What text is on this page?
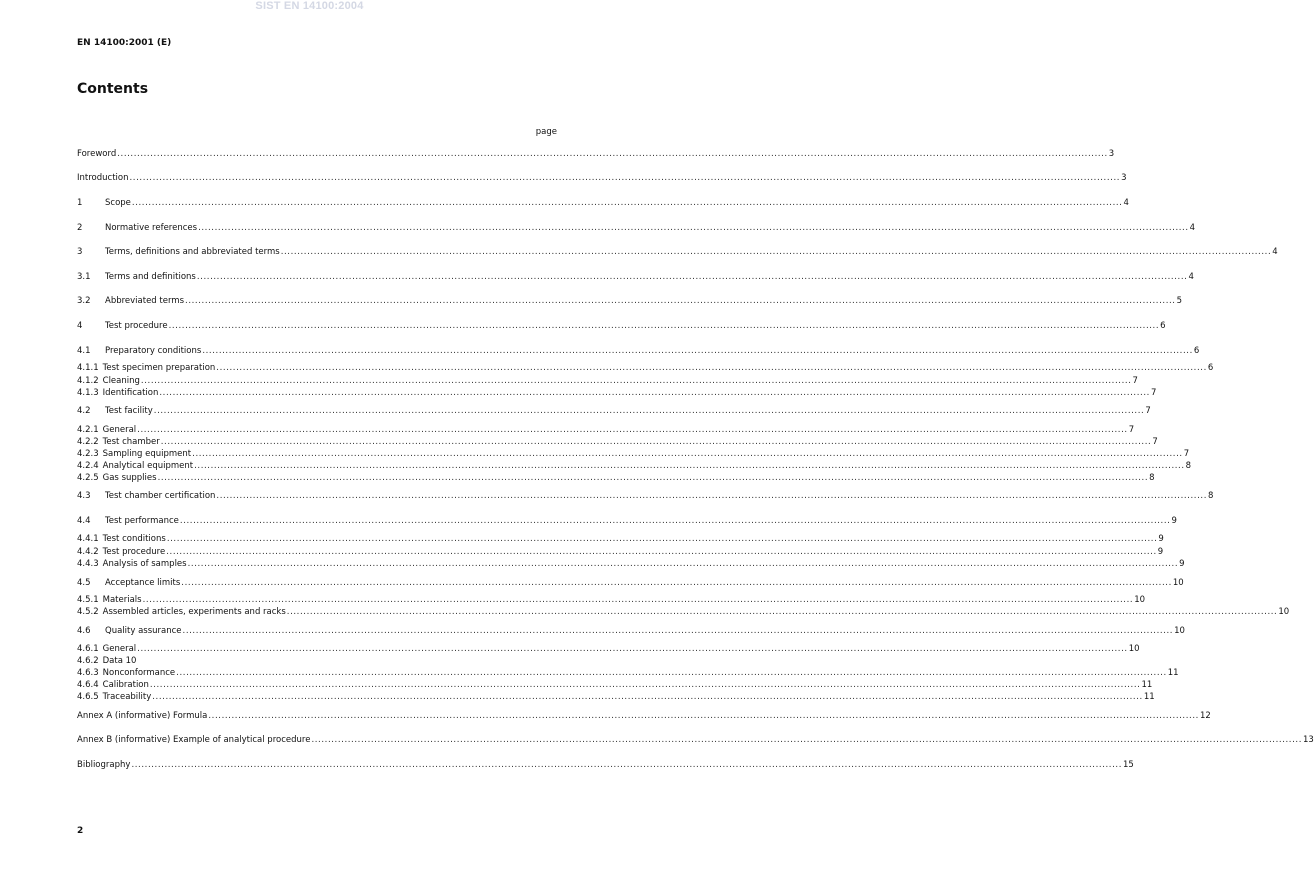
SIST EN 14100:2004
EN 14100:2001 (E)
Contents
page
Foreword ............................................................................................................................................................................................................................................................................................................ 3
Introduction ............................................................................................................................................................................................................................................................................................................ 3
1	Scope ............................................................................................................................................................................................................................................................................................................ 4
2	Normative references ............................................................................................................................................................................................................................................................................................................ 4
3	Terms, definitions and abbreviated terms ............................................................................................................................................................................................................................................................................................................ 4
3.1	Terms and definitions ............................................................................................................................................................................................................................................................................................................ 4
3.2	Abbreviated terms ............................................................................................................................................................................................................................................................................................................ 5
4	Test procedure ............................................................................................................................................................................................................................................................................................................ 6
4.1	Preparatory conditions ............................................................................................................................................................................................................................................................................................................ 6
4.1.1 Test specimen preparation ............................................................................................................................................................................................................................................................................................................ 6
4.1.2 Cleaning ............................................................................................................................................................................................................................................................................................................ 7
4.1.3 Identification ............................................................................................................................................................................................................................................................................................................ 7
4.2	Test facility ............................................................................................................................................................................................................................................................................................................ 7
4.2.1 General ............................................................................................................................................................................................................................................................................................................ 7
4.2.2 Test chamber ............................................................................................................................................................................................................................................................................................................ 7
4.2.3 Sampling equipment ............................................................................................................................................................................................................................................................................................................ 7
4.2.4 Analytical equipment ............................................................................................................................................................................................................................................................................................................ 8
4.2.5 Gas supplies ............................................................................................................................................................................................................................................................................................................ 8
4.3	Test chamber certification ............................................................................................................................................................................................................................................................................................................ 8
4.4	Test performance ............................................................................................................................................................................................................................................................................................................ 9
4.4.1 Test conditions ............................................................................................................................................................................................................................................................................................................ 9
4.4.2 Test procedure ............................................................................................................................................................................................................................................................................................................ 9
4.4.3 Analysis of samples ............................................................................................................................................................................................................................................................................................................ 9
4.5	Acceptance limits ............................................................................................................................................................................................................................................................................................................ 10
4.5.1 Materials ............................................................................................................................................................................................................................................................................................................ 10
4.5.2 Assembled articles, experiments and racks ............................................................................................................................................................................................................................................................................................................ 10
4.6	Quality assurance ............................................................................................................................................................................................................................................................................................................ 10
4.6.1 General ............................................................................................................................................................................................................................................................................................................ 10
4.6.2 Data 10
4.6.3 Nonconformance ............................................................................................................................................................................................................................................................................................................ 11
4.6.4 Calibration ............................................................................................................................................................................................................................................................................................................ 11
4.6.5 Traceability ............................................................................................................................................................................................................................................................................................................ 11
Annex A (informative) Formula ............................................................................................................................................................................................................................................................................................................ 12
Annex B (informative) Example of analytical procedure ............................................................................................................................................................................................................................................................................................................ 13
Bibliography ............................................................................................................................................................................................................................................................................................................ 15
2
